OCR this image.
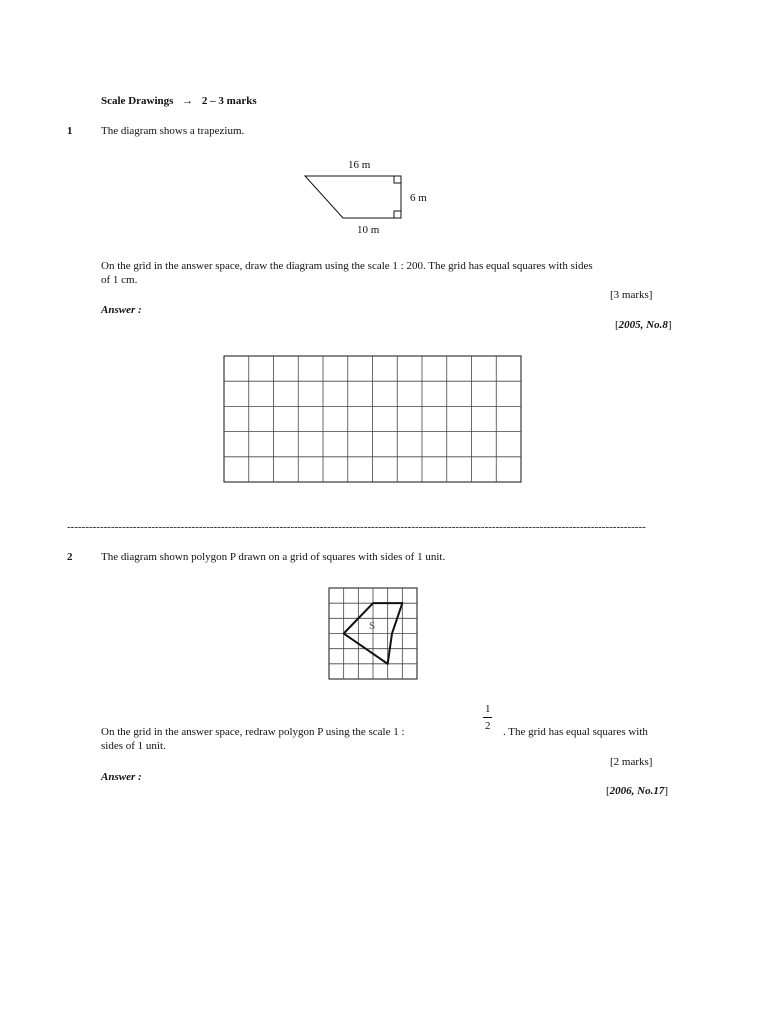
Scale Drawings → 2 – 3 marks
1	The diagram shows a trapezium.
16 m
6 m
10 m
On the grid in the answer space, draw the diagram using the scale 1 : 200. The grid has equal squares with sides
of 1 cm.
[3 marks]
Answer :
[2005, No.8]
--------------------------------------------------------------------------------------------------------------------------------------------------------------
2	The diagram shown polygon P drawn on a grid of squares with sides of 1 unit.
S
On the grid in the answer space, redraw polygon P using the scale 1 :
1
2 . The grid has equal squares with
sides of 1 unit.
[2 marks]
Answer :
[2006, No.17]
